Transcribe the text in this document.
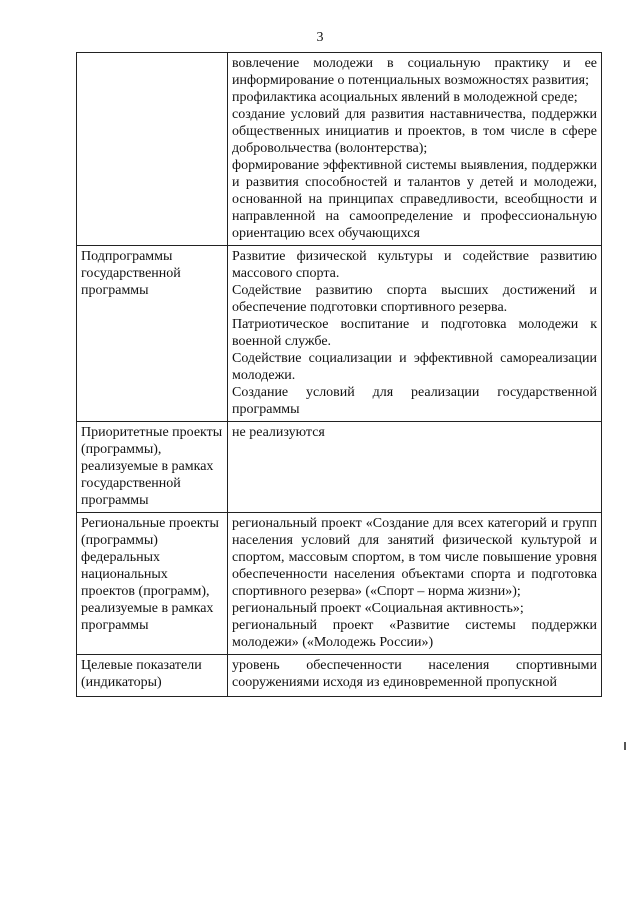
3

	вовлечение молодежи в социальную практику и ее информирование о потенциальных возможностях развития;

профилактика асоциальных явлений в молодежной среде;

создание условий для развития наставничества, поддержки общественных инициатив и проектов, в том числе в сфере добровольчества (волонтерства);

формирование эффективной системы выявления, поддержки и развития способностей и талантов у детей и молодежи, основанной на принципах справедливости, всеобщности и направленной на самоопределение и профессиональную ориентацию всех обучающихся

Подпрограммы государственной программы	Развитие физической культуры и содействие развитию массового спорта.

Содействие развитию спорта высших достижений и обеспечение подготовки спортивного резерва.

Патриотическое воспитание и подготовка молодежи к военной службе.

Содействие социализации и эффективной самореализации молодежи.

Создание условий для реализации государственной программы

Приоритетные проекты (программы), реализуемые в рамках государственной программы	не реализуются

Региональные проекты (программы) федеральных национальных проектов (программ), реализуемые в рамках программы	региональный проект «Создание для всех категорий и групп населения условий для занятий физической культурой и спортом, массовым спортом, в том числе повышение уровня обеспеченности населения объектами спорта и подготовка спортивного резерва» («Спорт – норма жизни»);

региональный проект «Социальная активность»;

региональный проект «Развитие системы поддержки молодежи» («Молодежь России»)

Целевые показатели (индикаторы)	уровень обеспеченности населения спортивными сооружениями исходя из единовременной пропускной
